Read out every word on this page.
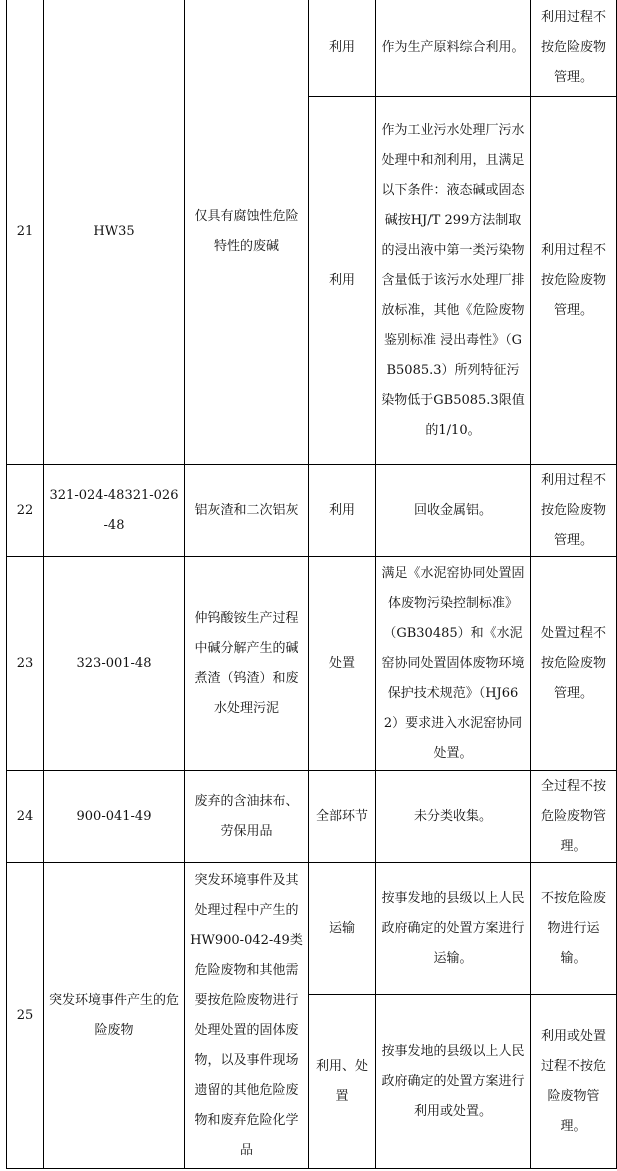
21	HW35	仅具有腐蚀性危险特性的废碱	利用	作为生产原料综合利用。	利用过程不按危险废物管理。
			利用	作为工业污水处理厂污水处理中和剂利用，且满足以下条件：液态碱或固态碱按HJ/T 299方法制取的浸出液中第一类污染物含量低于该污水处理厂排放标准，其他《危险废物鉴别标准 浸出毒性》（GB5085.3）所列特征污染物低于GB5085.3限值的1/10。	利用过程不按危险废物管理。
22	321-024-48321-026-48	铝灰渣和二次铝灰	利用	回收金属铝。	利用过程不按危险废物管理。
23	323-001-48	仲钨酸铵生产过程中碱分解产生的碱煮渣（钨渣）和废水处理污泥	处置	满足《水泥窑协同处置固体废物污染控制标准》（GB30485）和《水泥窑协同处置固体废物环境保护技术规范》（HJ662）要求进入水泥窑协同处置。	处置过程不按危险废物管理。
24	900-041-49	废弃的含油抹布、劳保用品	全部环节	未分类收集。	全过程不按危险废物管理。
25	突发环境事件产生的危险废物	突发环境事件及其处理过程中产生的HW900-042-49类危险废物和其他需要按危险废物进行处理处置的固体废物，以及事件现场遗留的其他危险废物和废弃危险化学品	运输	按事发地的县级以上人民政府确定的处置方案进行运输。	不按危险废物进行运输。
			利用、处置	按事发地的县级以上人民政府确定的处置方案进行利用或处置。	利用或处置过程不按危险废物管理。
